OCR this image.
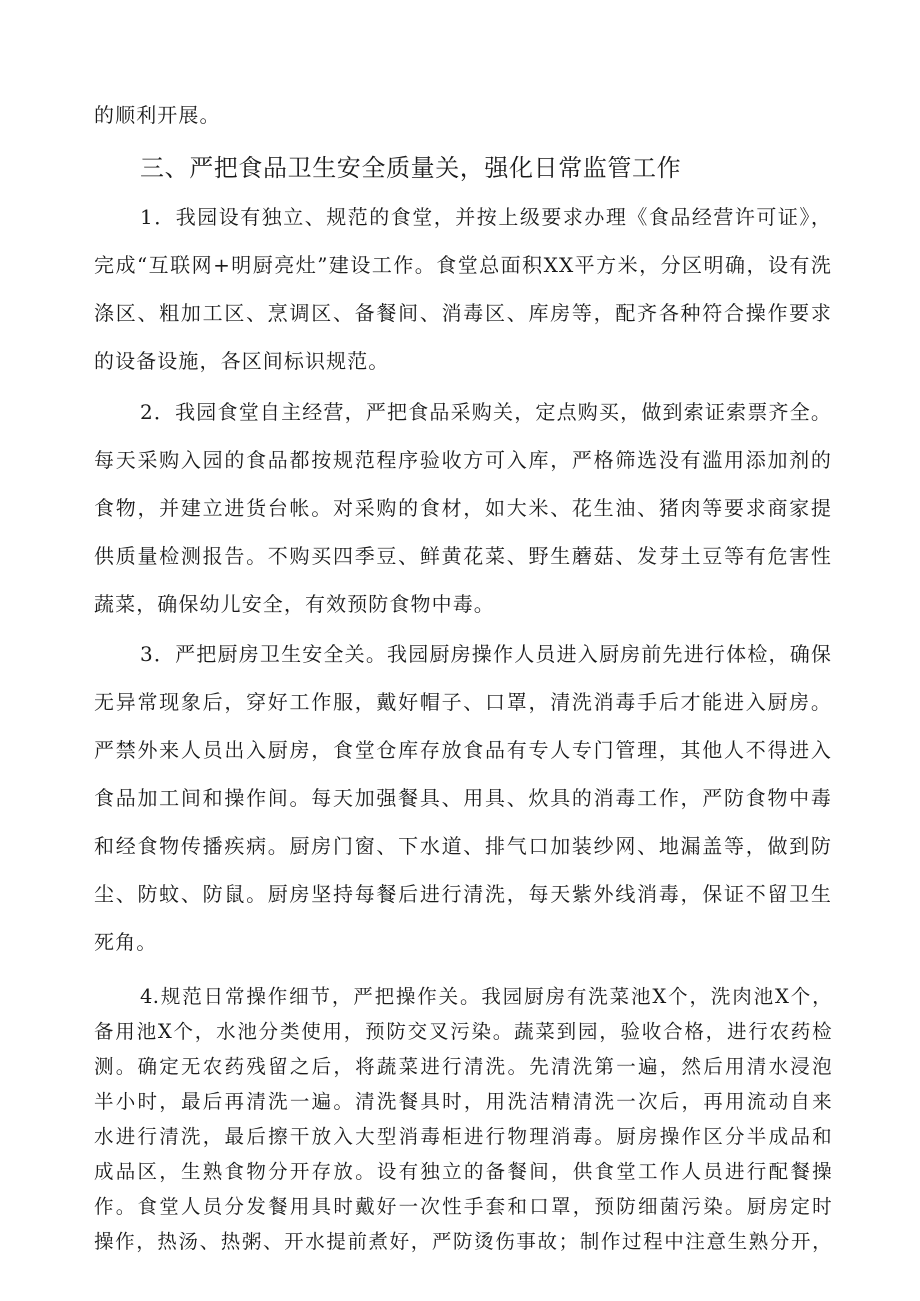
的顺利开展。
三、严把食品卫生安全质量关，强化日常监管工作
1．我园设有独立、规范的食堂，并按上级要求办理《食品经营许可证》，
完成“互联网+明厨亮灶”建设工作。食堂总面积XX平方米，分区明确，设有洗
涤区、粗加工区、烹调区、备餐间、消毒区、库房等，配齐各种符合操作要求
的设备设施，各区间标识规范。
2．我园食堂自主经营，严把食品采购关，定点购买，做到索证索票齐全。
每天采购入园的食品都按规范程序验收方可入库，严格筛选没有滥用添加剂的
食物，并建立进货台帐。对采购的食材，如大米、花生油、猪肉等要求商家提
供质量检测报告。不购买四季豆、鲜黄花菜、野生蘑菇、发芽土豆等有危害性
蔬菜，确保幼儿安全，有效预防食物中毒。
3．严把厨房卫生安全关。我园厨房操作人员进入厨房前先进行体检，确保
无异常现象后，穿好工作服，戴好帽子、口罩，清洗消毒手后才能进入厨房。
严禁外来人员出入厨房，食堂仓库存放食品有专人专门管理，其他人不得进入
食品加工间和操作间。每天加强餐具、用具、炊具的消毒工作，严防食物中毒
和经食物传播疾病。厨房门窗、下水道、排气口加装纱网、地漏盖等，做到防
尘、防蚊、防鼠。厨房坚持每餐后进行清洗，每天紫外线消毒，保证不留卫生
死角。
4.规范日常操作细节，严把操作关。我园厨房有洗菜池X个，洗肉池X个，
备用池X个，水池分类使用，预防交叉污染。蔬菜到园，验收合格，进行农药检
测。确定无农药残留之后，将蔬菜进行清洗。先清洗第一遍，然后用清水浸泡
半小时，最后再清洗一遍。清洗餐具时，用洗洁精清洗一次后，再用流动自来
水进行清洗，最后擦干放入大型消毒柜进行物理消毒。厨房操作区分半成品和
成品区，生熟食物分开存放。设有独立的备餐间，供食堂工作人员进行配餐操
作。食堂人员分发餐用具时戴好一次性手套和口罩，预防细菌污染。厨房定时
操作，热汤、热粥、开水提前煮好，严防烫伤事故；制作过程中注意生熟分开，
